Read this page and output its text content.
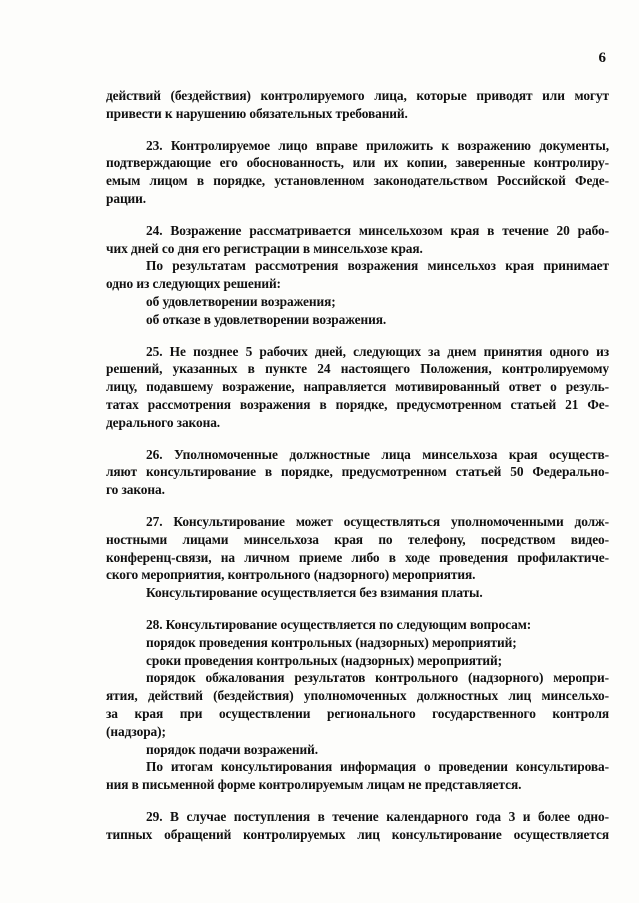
6
действий (бездействия) контролируемого лица, которые приводят или могут
привести к нарушению обязательных требований.
23. Контролируемое лицо вправе приложить к возражению документы,
подтверждающие его обоснованность, или их копии, заверенные контролиру-
емым лицом в порядке, установленном законодательством Российской Феде-
рации.
24. Возражение рассматривается минсельхозом края в течение 20 рабо-
чих дней со дня его регистрации в минсельхозе края.
По результатам рассмотрения возражения минсельхоз края принимает
одно из следующих решений:
об удовлетворении возражения;
об отказе в удовлетворении возражения.
25. Не позднее 5 рабочих дней, следующих за днем принятия одного из
решений, указанных в пункте 24 настоящего Положения, контролируемому
лицу, подавшему возражение, направляется мотивированный ответ о резуль-
татах рассмотрения возражения в порядке, предусмотренном статьей 21 Фе-
дерального закона.
26. Уполномоченные должностные лица минсельхоза края осуществ-
ляют консультирование в порядке, предусмотренном статьей 50 Федерально-
го закона.
27. Консультирование может осуществляться уполномоченными долж-
ностными лицами минсельхоза края по телефону, посредством видео-
конференц-связи, на личном приеме либо в ходе проведения профилактиче-
ского мероприятия, контрольного (надзорного) мероприятия.
Консультирование осуществляется без взимания платы.
28. Консультирование осуществляется по следующим вопросам:
порядок проведения контрольных (надзорных) мероприятий;
сроки проведения контрольных (надзорных) мероприятий;
порядок обжалования результатов контрольного (надзорного) меропри-
ятия, действий (бездействия) уполномоченных должностных лиц минсельхо-
за края при осуществлении регионального государственного контроля
(надзора);
порядок подачи возражений.
По итогам консультирования информация о проведении консультирова-
ния в письменной форме контролируемым лицам не представляется.
29. В случае поступления в течение календарного года 3 и более одно-
типных обращений контролируемых лиц консультирование осуществляется
